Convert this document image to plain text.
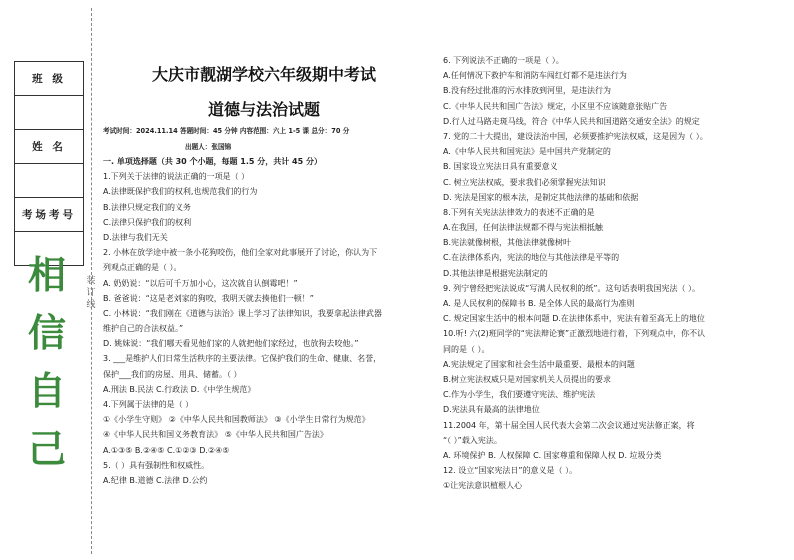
装订线
班 级

姓 名

考场考号

相
信
自
己
大庆市靓湖学校六年级期中考试
道德与法治试题
考试时间：2024.11.14 答题时间：45 分钟 内容范围：六上 1-5 课 总分：70 分
出题人：张国锦

一. 单项选择题（共 30 个小题，每题 1.5 分，共计 45 分）

1.下列关于法律的说法正确的一项是（ ）

A.法律既保护我们的权利,也规范我们的行为

B.法律只规定我们的义务

C.法律只保护我们的权利

D.法律与我们无关

2. 小林在放学途中被一条小花狗咬伤，他们全家对此事展开了讨论，你认为下

列观点正确的是（ ）。

A. 奶奶说：“以后可千万加小心，这次就自认倒霉吧！”

B. 爸爸说：“这是老刘家的狗咬，我明天就去揍他们一顿！”

C. 小林说：“我们刚在《道德与法治》课上学习了法律知识，我要拿起法律武器

维护自己的合法权益。”

D. 姚妹说：“我们哪天看见他们家的人就把他们家经过，也放狗去咬他。”

3. ___是维护人们日常生活秩序的主要法律。它保护我们的生命、健康、名誉，

保护___我们的房屋、用具、储蓄。（ ）

A.刑法 B.民法 C.行政法 D.《中学生规范》

4.下列属于法律的是（ ）

①《小学生守则》 ②《中华人民共和国教师法》 ③《小学生日常行为规范》

④《中华人民共和国义务教育法》 ⑤《中华人民共和国广告法》

A.①③⑤ B.②④⑤ C.①②③ D.②④⑤

5.（ ）具有强制性和权威性。

A.纪律 B.道德 C.法律 D.公约

6. 下列说法不正确的一项是（ ）。

A.任何情况下救护车和消防车闯红灯都不是违法行为

B.没有经过批准的污水排放到河里，是违法行为

C.《中华人民共和国广告法》规定，小区里不应该随意张贴广告

D.行人过马路走斑马线，符合《中华人民共和国道路交通安全法》的规定

7. 党的二十大提出，建设法治中国，必须要推护宪法权威，这是因为（ ）。

A.《中华人民共和国宪法》是中国共产党制定的

B. 国家设立宪法日具有重要意义

C. 树立宪法权威，要求我们必须掌握宪法知识

D. 宪法是国家的根本法，是制定其他法律的基础和依据

8.下列有关宪法法律效力的表述不正确的是

A.在我国，任何法律法规都不得与宪法相抵触

B.宪法就像树根，其他法律就像树叶

C.在法律体系内，宪法的地位与其他法律是平等的

D.其他法律是根据宪法制定的

9. 列宁曾经把宪法说成“写满人民权利的纸”。这句话表明我国宪法（ ）。

A. 是人民权利的保障书 B. 是全体人民的最高行为准则

C. 规定国家生活中的根本问题 D.在法律体系中，宪法有着至高无上的地位

10.听! 六(2)班同学的“宪法辩论赛”正激烈地进行着，下列观点中，你不认

同的是（ ）。

A.宪法规定了国家和社会生活中最重要、最根本的问题

B.树立宪法权威只是对国家机关人员提出的要求

C.作为小学生，我们要遵守宪法、维护宪法

D.宪法具有最高的法律地位

11.2004 年，第十届全国人民代表大会第二次会议通过宪法修正案，将

“（ ）”载入宪法。

A. 环境保护 B. 人权保障 C. 国家尊重和保障人权 D. 垃圾分类

12. 设立“国家宪法日”的意义是（ ）。

①让宪法意识植根人心
